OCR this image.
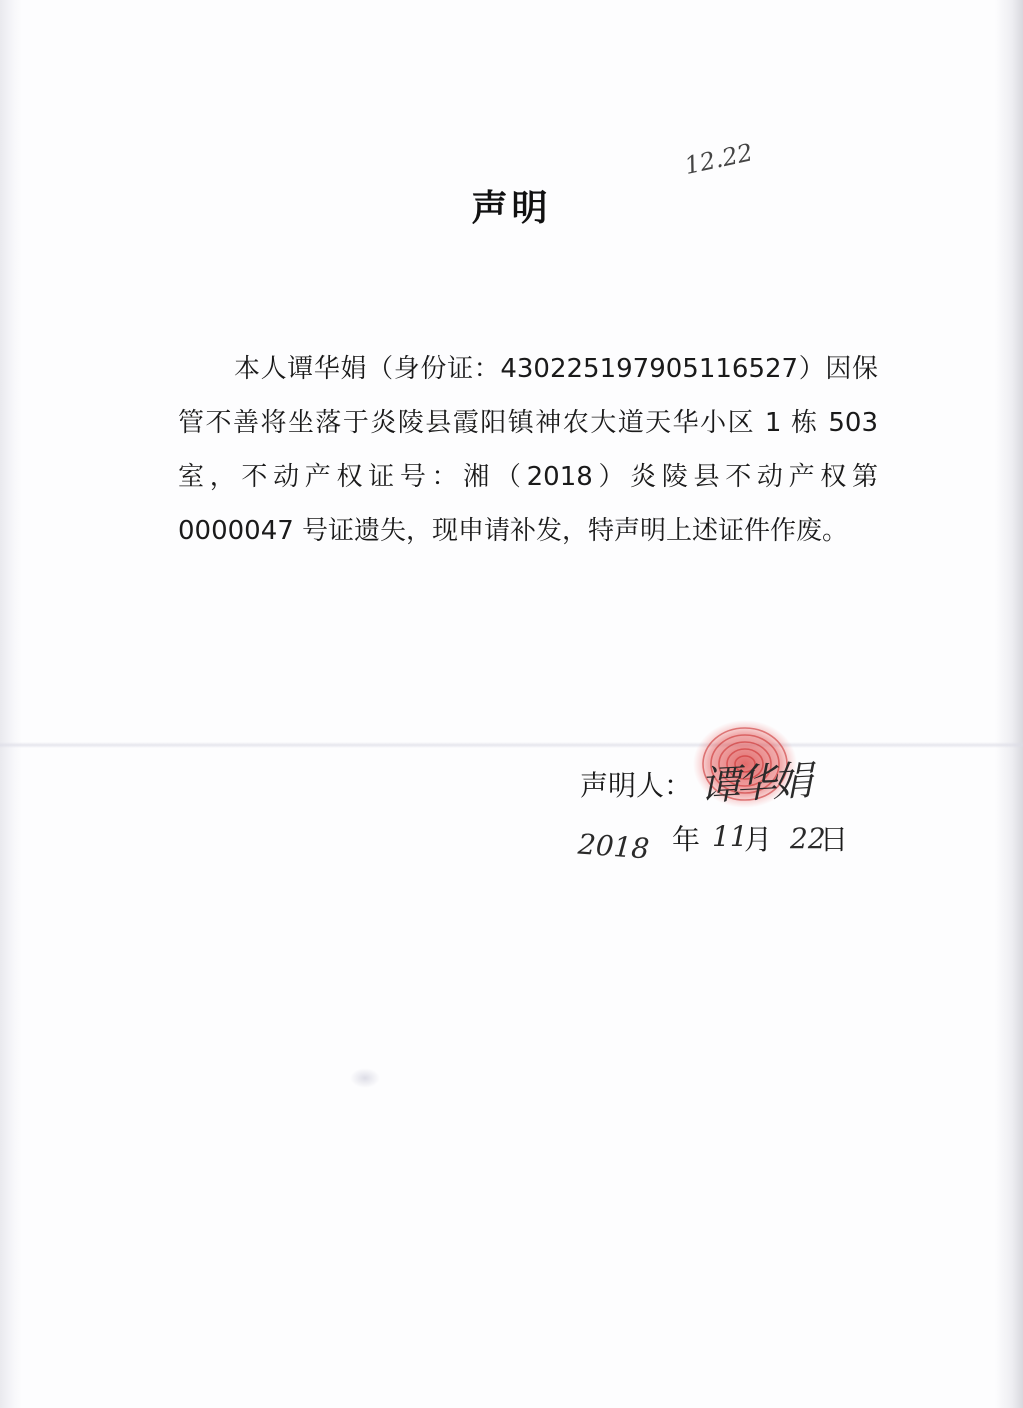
12.22
声明
本人谭华娟（身份证：430225197905116527）因保管不善将坐落于炎陵县霞阳镇神农大道天华小区 1 栋 503 室，不动产权证号：湘（2018）炎陵县不动产权第 0000047 号证遗失，现申请补发，特声明上述证件作废。
声明人： 谭华娟
2018 年 11
月 22
日
